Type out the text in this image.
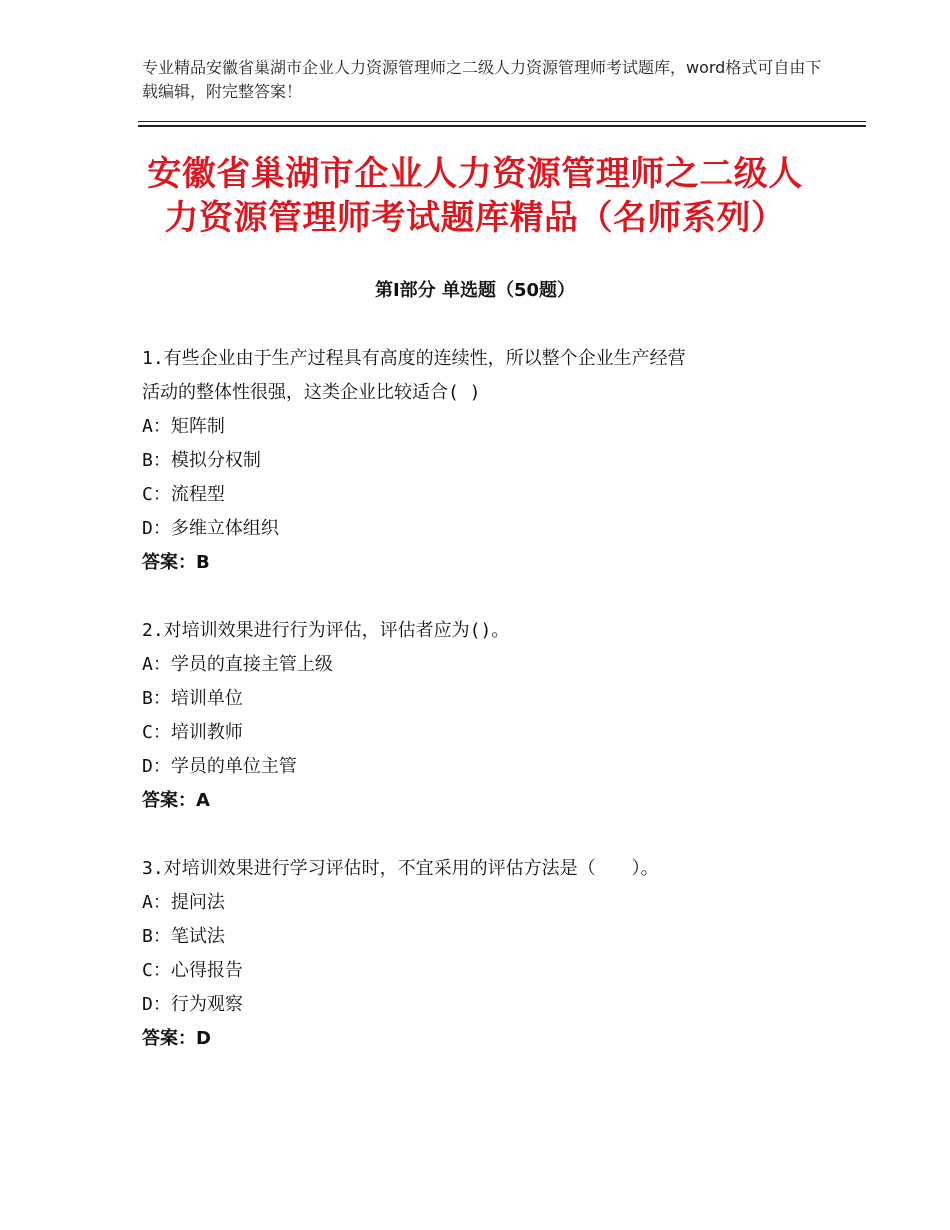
专业精品安徽省巢湖市企业人力资源管理师之二级人力资源管理师考试题库，word格式可自由下载编辑，附完整答案！
安徽省巢湖市企业人力资源管理师之二级人
力资源管理师考试题库精品（名师系列）
第Ⅰ部分 单选题（50题）
1.有些企业由于生产过程具有高度的连续性，所以整个企业生产经营
活动的整体性很强，这类企业比较适合( )
A：矩阵制
B：模拟分权制
C：流程型
D：多维立体组织
答案：B
2.对培训效果进行行为评估，评估者应为()。
A：学员的直接主管上级
B：培训单位
C：培训教师
D：学员的单位主管
答案：A
3.对培训效果进行学习评估时，不宜采用的评估方法是（　　）。
A：提问法
B：笔试法
C：心得报告
D：行为观察
答案：D
